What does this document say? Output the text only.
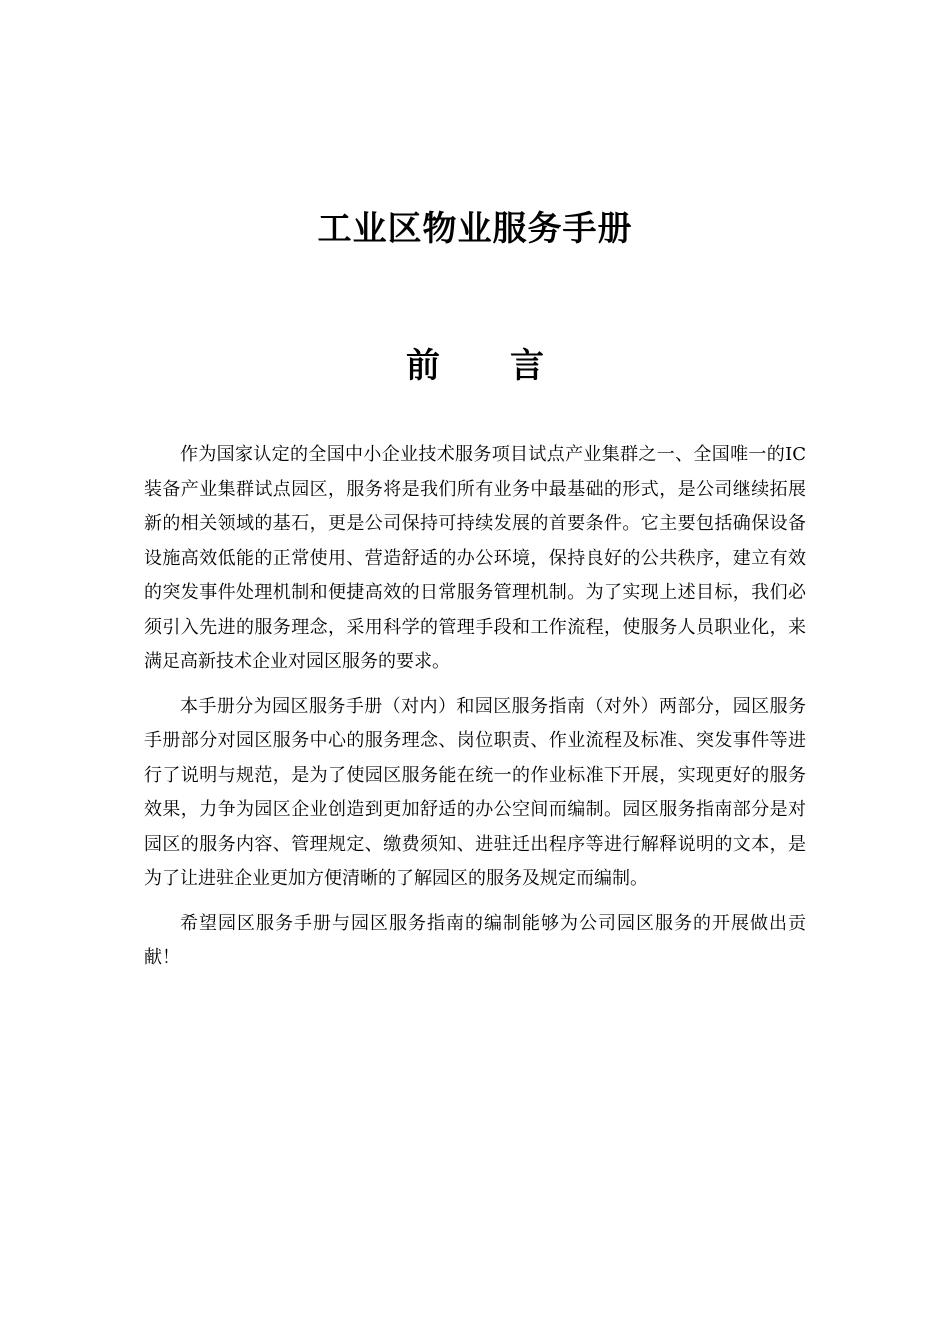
工业区物业服务手册
前言

作为国家认定的全国中小企业技术服务项目试点产业集群之一、全国唯一的IC装备产业集群试点园区，服务将是我们所有业务中最基础的形式，是公司继续拓展新的相关领域的基石，更是公司保持可持续发展的首要条件。它主要包括确保设备设施高效低能的正常使用、营造舒适的办公环境，保持良好的公共秩序，建立有效的突发事件处理机制和便捷高效的日常服务管理机制。为了实现上述目标，我们必须引入先进的服务理念，采用科学的管理手段和工作流程，使服务人员职业化，来满足高新技术企业对园区服务的要求。

本手册分为园区服务手册（对内）和园区服务指南（对外）两部分，园区服务手册部分对园区服务中心的服务理念、岗位职责、作业流程及标准、突发事件等进行了说明与规范，是为了使园区服务能在统一的作业标准下开展，实现更好的服务效果，力争为园区企业创造到更加舒适的办公空间而编制。园区服务指南部分是对园区的服务内容、管理规定、缴费须知、进驻迁出程序等进行解释说明的文本，是为了让进驻企业更加方便清晰的了解园区的服务及规定而编制。

希望园区服务手册与园区服务指南的编制能够为公司园区服务的开展做出贡献！
